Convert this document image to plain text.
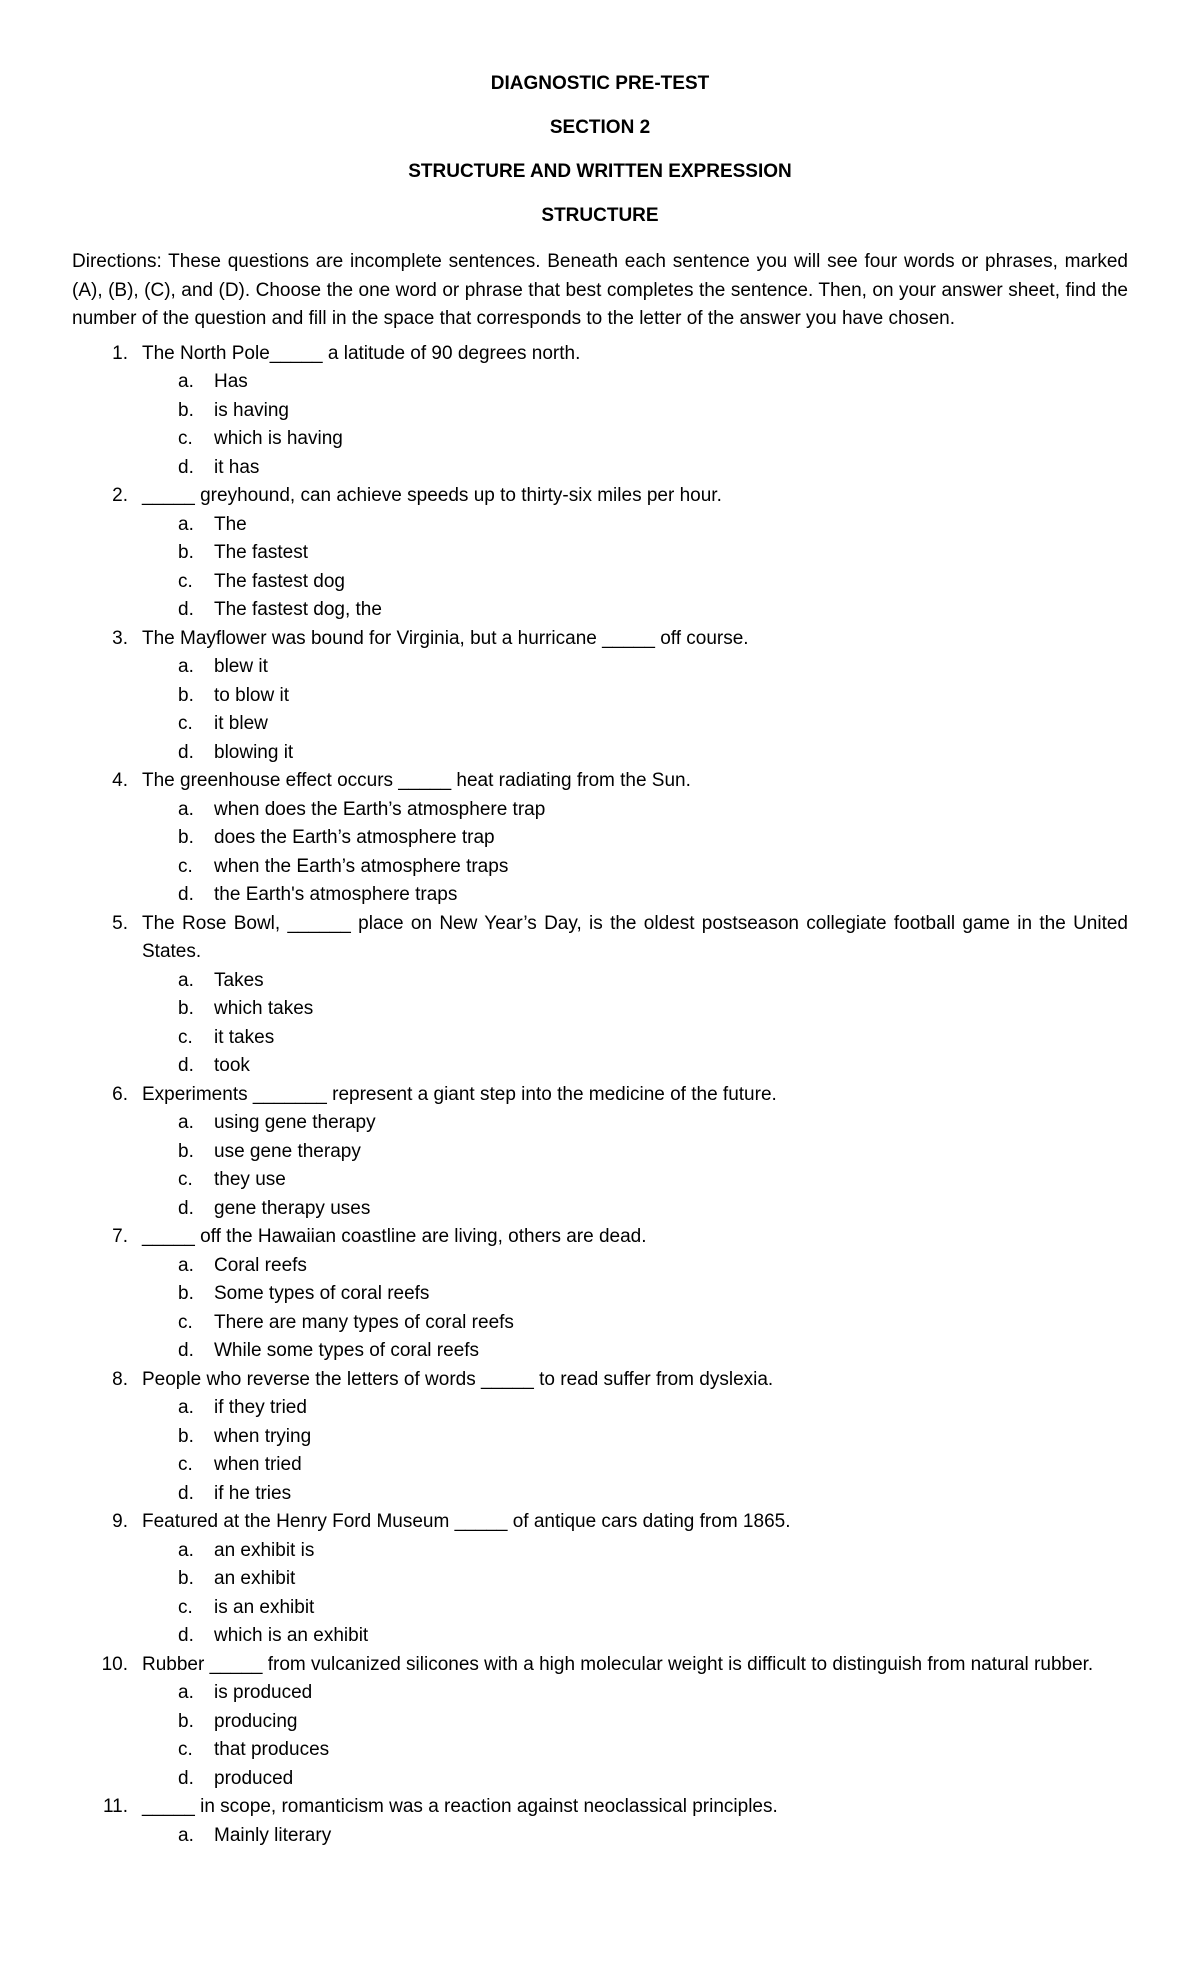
DIAGNOSTIC PRE-TEST
SECTION 2
STRUCTURE AND WRITTEN EXPRESSION
STRUCTURE

Directions: These questions are incomplete sentences. Beneath each sentence you will see four words or phrases, marked (A), (B), (C), and (D). Choose the one word or phrase that best completes the sentence. Then, on your answer sheet, find the number of the question and fill in the space that corresponds to the letter of the answer you have chosen.

1. The North Pole_____ a latitude of 90 degrees north.
a.	Has
b.	is having
c.	which is having
d.	it has
2. _____ greyhound, can achieve speeds up to thirty-six miles per hour.
a.	The
b.	The fastest
c.	The fastest dog
d.	The fastest dog, the
3. The Mayflower was bound for Virginia, but a hurricane _____ off course.
a.	blew it
b.	to blow it
c.	it blew
d.	blowing it
4. The greenhouse effect occurs _____ heat radiating from the Sun.
a.	when does the Earth’s atmosphere trap
b.	does the Earth’s atmosphere trap
c.	when the Earth’s atmosphere traps
d.	the Earth's atmosphere traps
5. The Rose Bowl, ______ place on New Year’s Day, is the oldest postseason collegiate football game in the United States.
a.	Takes
b.	which takes
c.	it takes
d.	took
6. Experiments _______ represent a giant step into the medicine of the future.
a.	using gene therapy
b.	use gene therapy
c.	they use
d.	gene therapy uses
7. _____ off the Hawaiian coastline are living, others are dead.
a.	Coral reefs
b.	Some types of coral reefs
c.	There are many types of coral reefs
d.	While some types of coral reefs
8. People who reverse the letters of words _____ to read suffer from dyslexia.
a.	if they tried
b.	when trying
c.	when tried
d.	if he tries
9. Featured at the Henry Ford Museum _____ of antique cars dating from 1865.
a.	an exhibit is
b.	an exhibit
c.	is an exhibit
d.	which is an exhibit
10. Rubber _____ from vulcanized silicones with a high molecular weight is difficult to distinguish from natural rubber.
a.	is produced
b.	producing
c.	that produces
d.	produced
11. _____ in scope, romanticism was a reaction against neoclassical principles.
a.	Mainly literary
